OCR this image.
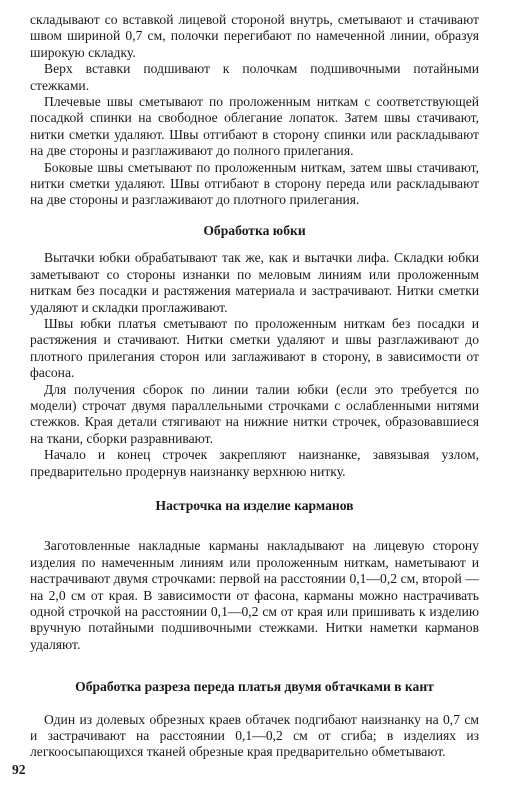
складывают со вставкой лицевой стороной внутрь, сметывают и стачивают швом шириной 0,7 см, полочки перегибают по намеченной линии, образуя широкую складку.

Верх вставки подшивают к полочкам подшивочными потайными стежками.

Плечевые швы сметывают по проложенным ниткам с соответствующей посадкой спинки на свободное облегание лопаток. Затем швы стачивают, нитки сметки удаляют. Швы отгибают в сторону спинки или раскладывают на две стороны и разглаживают до полного прилегания.

Боковые швы сметывают по проложенным ниткам, затем швы стачивают, нитки сметки удаляют. Швы отгибают в сторону переда или раскладывают на две стороны и разглаживают до плотного прилегания.

Обработка юбки

Вытачки юбки обрабатывают так же, как и вытачки лифа. Складки юбки заметывают со стороны изнанки по меловым линиям или проложенным ниткам без посадки и растяжения материала и застрачивают. Нитки сметки удаляют и складки проглаживают.

Швы юбки платья сметывают по проложенным ниткам без посадки и растяжения и стачивают. Нитки сметки удаляют и швы разглаживают до плотного прилегания сторон или заглаживают в сторону, в зависимости от фасона.

Для получения сборок по линии талии юбки (если это требуется по модели) строчат двумя параллельными строчками с ослабленными нитями стежков. Края детали стягивают на нижние нитки строчек, образовавшиеся на ткани, сборки разравнивают.

Начало и конец строчек закрепляют наизнанке, завязывая узлом, предварительно продернув наизнанку верхнюю нитку.

Настрочка на изделие карманов

Заготовленные накладные карманы накладывают на лицевую сторону изделия по намеченным линиям или проложенным ниткам, наметывают и настрачивают двумя строчками: первой на расстоянии 0,1—0,2 см, второй — на 2,0 см от края. В зависимости от фасона, карманы можно настрачивать одной строчкой на расстоянии 0,1—0,2 см от края или пришивать к изделию вручную потайными подшивочными стежками. Нитки наметки карманов удаляют.

Обработка разреза переда платья двумя обтачками в кант

Один из долевых обрезных краев обтачек подгибают наизнанку на 0,7 см и застрачивают на расстоянии 0,1—0,2 см от сгиба; в изделиях из легкоосыпающихся тканей обрезные края предварительно обметывают.

92
